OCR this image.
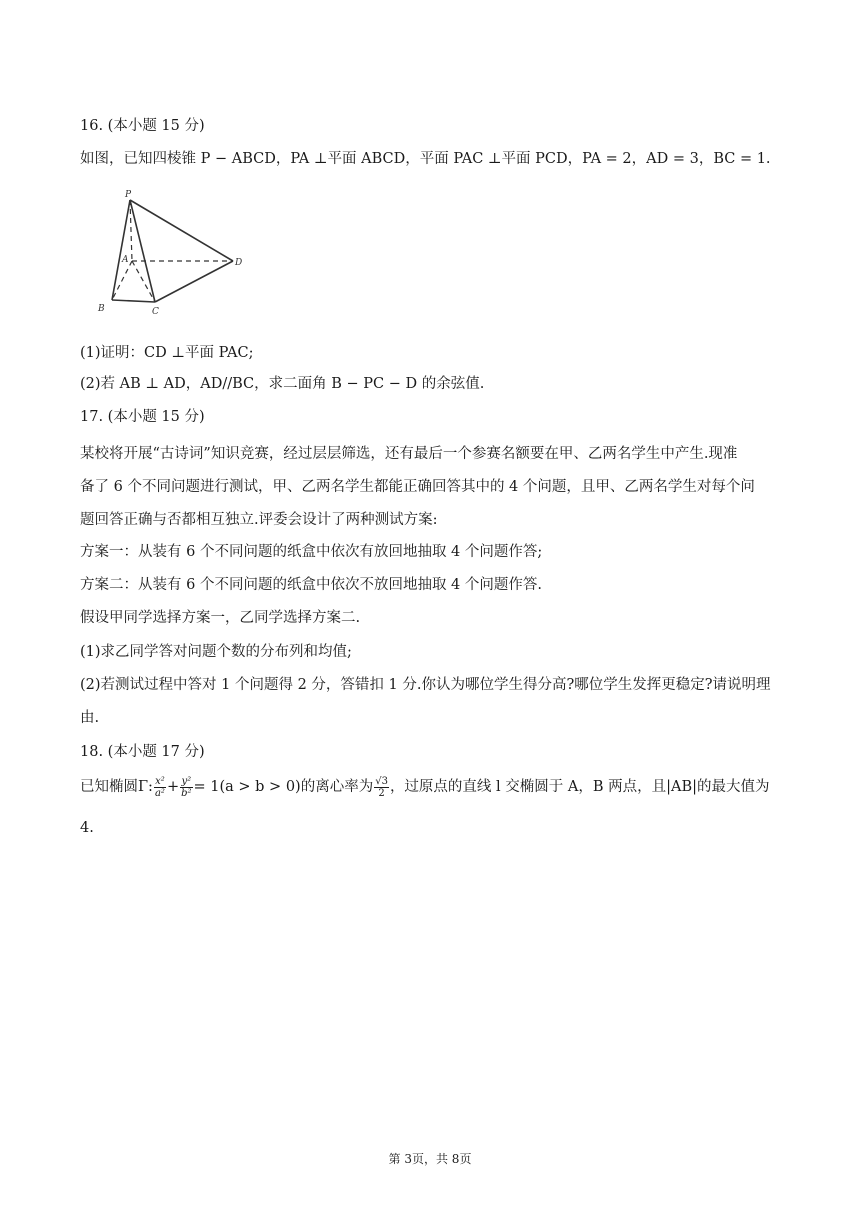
16. (本小题 15 分)
如图，已知四棱锥 P − ABCD，PA ⊥平面 ABCD，平面 PAC ⊥平面 PCD，PA = 2，AD = 3，BC = 1.
P
A
B	C
D
(1)证明：CD ⊥平面 PAC;
(2)若 AB ⊥ AD，AD//BC，求二面角 B − PC − D 的余弦值.
17. (本小题 15 分)
某校将开展“古诗词”知识竞赛，经过层层筛选，还有最后一个参赛名额要在甲、乙两名学生中产生.现准
备了 6 个不同问题进行测试，甲、乙两名学生都能正确回答其中的 4 个问题，且甲、乙两名学生对每个问
题回答正确与否都相互独立.评委会设计了两种测试方案:
方案一：从装有 6 个不同问题的纸盒中依次有放回地抽取 4 个问题作答;
方案二：从装有 6 个不同问题的纸盒中依次不放回地抽取 4 个问题作答.
假设甲同学选择方案一，乙同学选择方案二.
(1)求乙同学答对问题个数的分布列和均值;
(2)若测试过程中答对 1 个问题得 2 分，答错扣 1 分.你认为哪位学生得分高?哪位学生发挥更稳定?请说明理
由.
18. (本小题 17 分)
已知椭圆Γ: $\frac{\text{x²}}{\text{a²}} + \frac{\text{y²}}{\text{b²}} = 1(a > b > 0)$的离心率为 $\frac{√3}{2}$ ，过原点的直线 l 交椭圆于 A，B 两点，且|AB|的最大值为
4.
第 3页，共 8页
